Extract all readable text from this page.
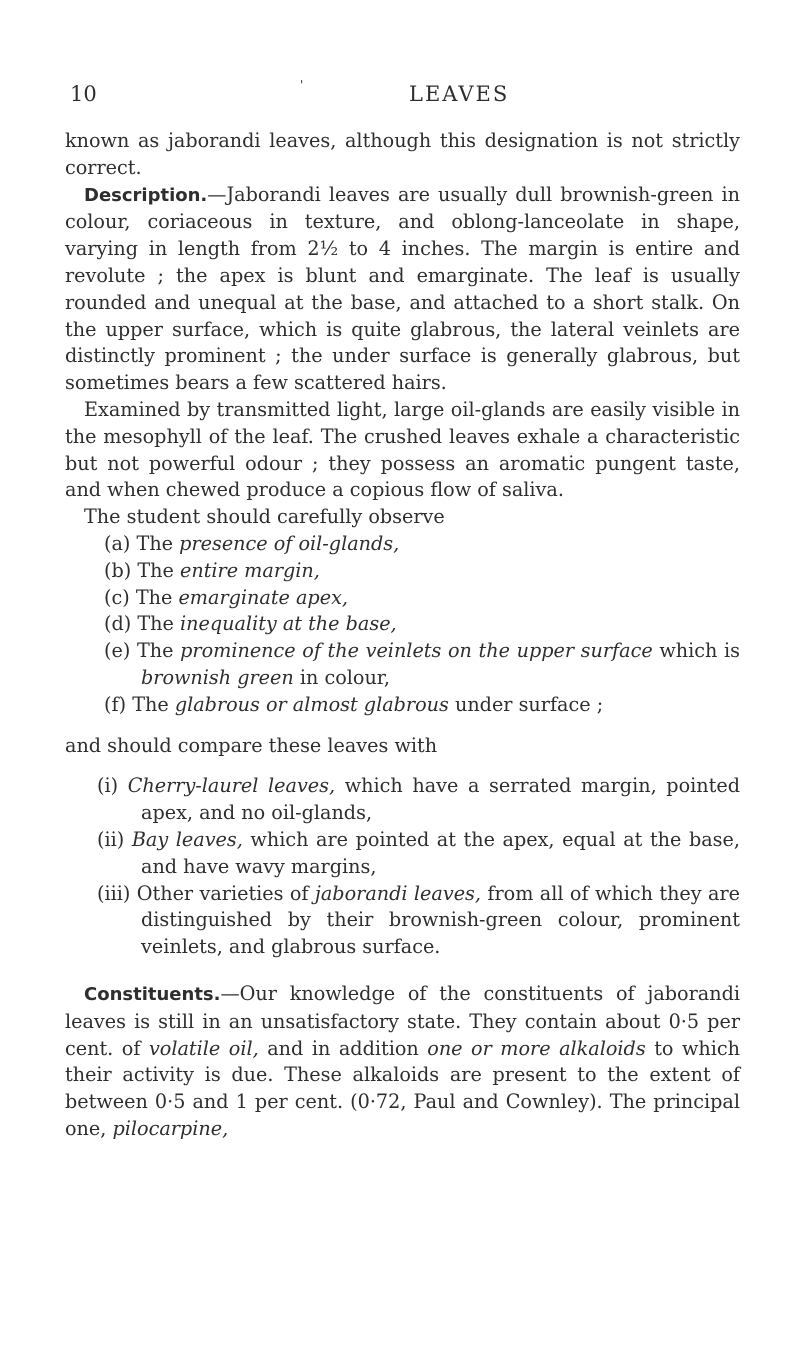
10	'	LEAVES

known as jaborandi leaves, although this designation is not strictly correct.

Description.—Jaborandi leaves are usually dull brownish-green in colour, coriaceous in texture, and oblong-lanceolate in shape, varying in length from 2½ to 4 inches. The margin is entire and revolute ; the apex is blunt and emarginate. The leaf is usually rounded and unequal at the base, and attached to a short stalk. On the upper surface, which is quite glabrous, the lateral veinlets are distinctly prominent ; the under surface is generally glabrous, but sometimes bears a few scattered hairs.

Examined by transmitted light, large oil-glands are easily visible in the mesophyll of the leaf. The crushed leaves exhale a characteristic but not powerful odour ; they possess an aromatic pungent taste, and when chewed produce a copious flow of saliva.

The student should carefully observe

(a) The presence of oil-glands,

(b) The entire margin,

(c) The emarginate apex,

(d) The inequality at the base,

(e) The prominence of the veinlets on the upper surface which is brownish green in colour,

(f) The glabrous or almost glabrous under surface ;

and should compare these leaves with

(i) Cherry-laurel leaves, which have a serrated margin, pointed apex, and no oil-glands,

(ii) Bay leaves, which are pointed at the apex, equal at the base, and have wavy margins,

(iii) Other varieties of jaborandi leaves, from all of which they are distinguished by their brownish-green colour, prominent veinlets, and glabrous surface.

Constituents.—Our knowledge of the constituents of jaborandi leaves is still in an unsatisfactory state. They contain about 0·5 per cent. of volatile oil, and in addition one or more alkaloids to which their activity is due. These alkaloids are present to the extent of between 0·5 and 1 per cent. (0·72, Paul and Cownley). The principal one, pilocarpine,
